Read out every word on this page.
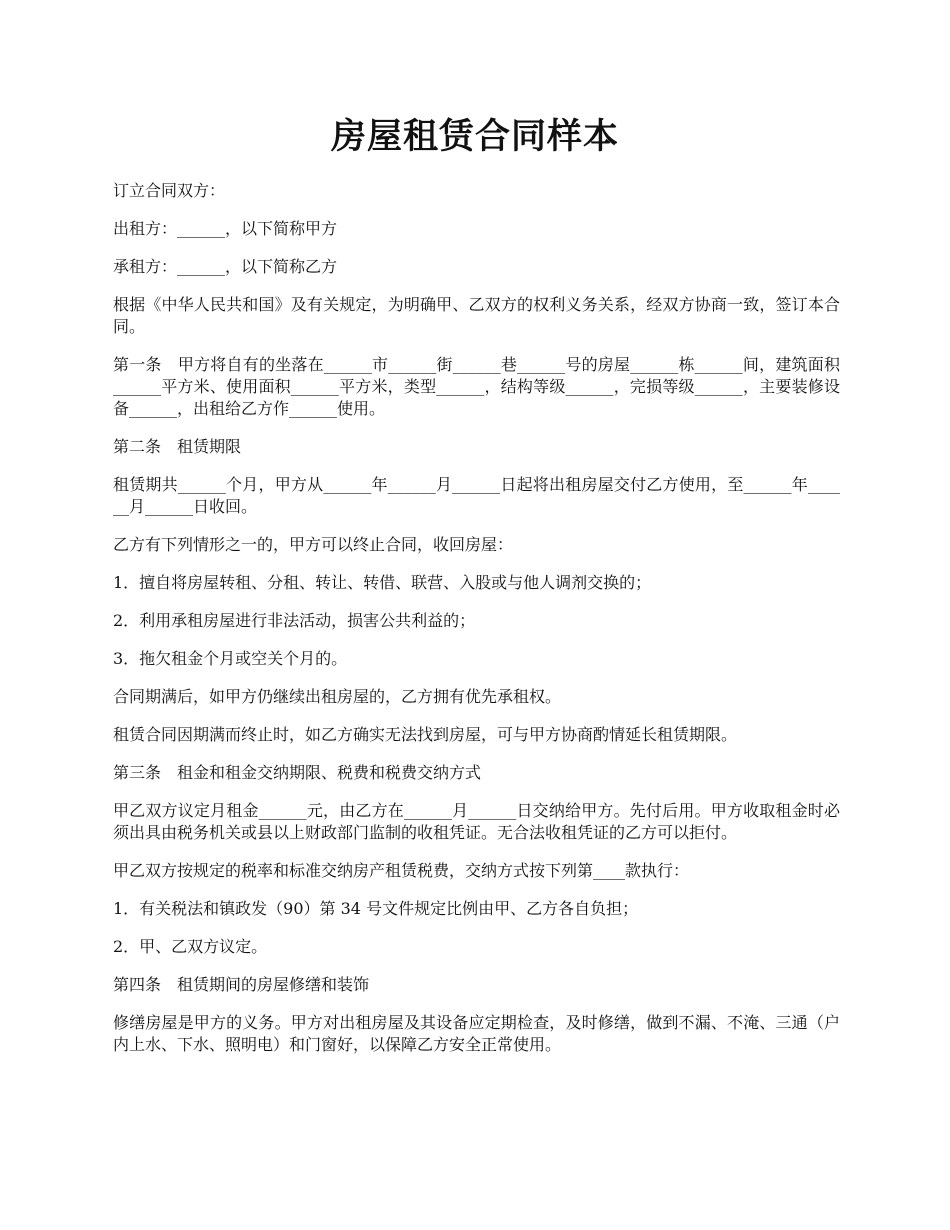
房屋租赁合同样本

订立合同双方：

出租方：______，以下简称甲方

承租方：______，以下简称乙方

根据《中华人民共和国》及有关规定，为明确甲、乙双方的权利义务关系，经双方协商一致，签订本合同。

第一条　甲方将自有的坐落在______市______街______巷______号的房屋______栋______间，建筑面积______平方米、使用面积______平方米，类型______，结构等级______，完损等级______，主要装修设备______，出租给乙方作______使用。

第二条　租赁期限

租赁期共______个月，甲方从______年______月______日起将出租房屋交付乙方使用，至______年______月______日收回。

乙方有下列情形之一的，甲方可以终止合同，收回房屋：

1．擅自将房屋转租、分租、转让、转借、联营、入股或与他人调剂交换的；

2．利用承租房屋进行非法活动，损害公共利益的；

3．拖欠租金个月或空关个月的。

合同期满后，如甲方仍继续出租房屋的，乙方拥有优先承租权。

租赁合同因期满而终止时，如乙方确实无法找到房屋，可与甲方协商酌情延长租赁期限。

第三条　租金和租金交纳期限、税费和税费交纳方式

甲乙双方议定月租金______元，由乙方在______月______日交纳给甲方。先付后用。甲方收取租金时必须出具由税务机关或县以上财政部门监制的收租凭证。无合法收租凭证的乙方可以拒付。

甲乙双方按规定的税率和标准交纳房产租赁税费，交纳方式按下列第____款执行：

1．有关税法和镇政发（90）第 34 号文件规定比例由甲、乙方各自负担；

2．甲、乙双方议定。

第四条　租赁期间的房屋修缮和装饰

修缮房屋是甲方的义务。甲方对出租房屋及其设备应定期检查，及时修缮，做到不漏、不淹、三通（户内上水、下水、照明电）和门窗好，以保障乙方安全正常使用。
